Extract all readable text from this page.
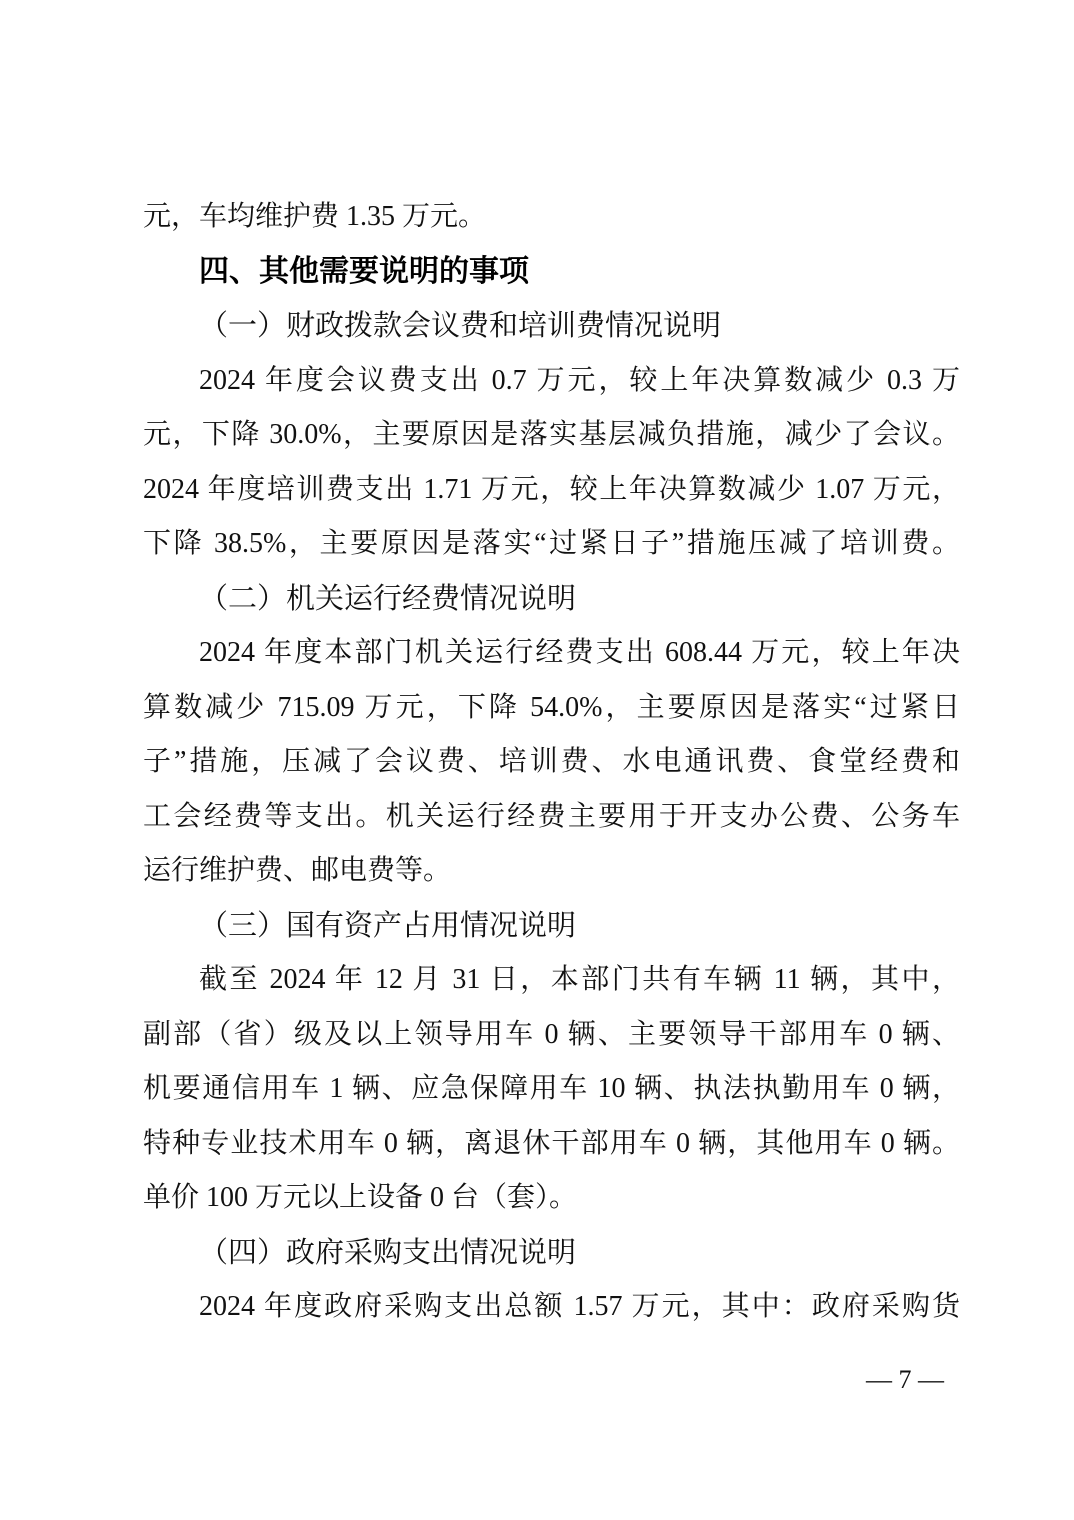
元，车均维护费 1.35 万元。
四、其他需要说明的事项
（一）财政拨款会议费和培训费情况说明
2024 年度会议费支出 0.7 万元，较上年决算数减少 0.3 万
元，下降 30.0%，主要原因是落实基层减负措施，减少了会议。
2024 年度培训费支出 1.71 万元，较上年决算数减少 1.07 万元，
下降 38.5%，主要原因是落实“过紧日子”措施压减了培训费。
（二）机关运行经费情况说明
2024 年度本部门机关运行经费支出 608.44 万元，较上年决
算数减少 715.09 万元，下降 54.0%，主要原因是落实“过紧日
子”措施，压减了会议费、培训费、水电通讯费、食堂经费和
工会经费等支出。机关运行经费主要用于开支办公费、公务车
运行维护费、邮电费等。
（三）国有资产占用情况说明
截至 2024 年 12 月 31 日，本部门共有车辆 11 辆，其中，
副部（省）级及以上领导用车 0 辆、主要领导干部用车 0 辆、
机要通信用车 1 辆、应急保障用车 10 辆、执法执勤用车 0 辆，
特种专业技术用车 0 辆，离退休干部用车 0 辆，其他用车 0 辆。
单价 100 万元以上设备 0 台（套）。
（四）政府采购支出情况说明
2024 年度政府采购支出总额 1.57 万元，其中：政府采购货
— 7 —
